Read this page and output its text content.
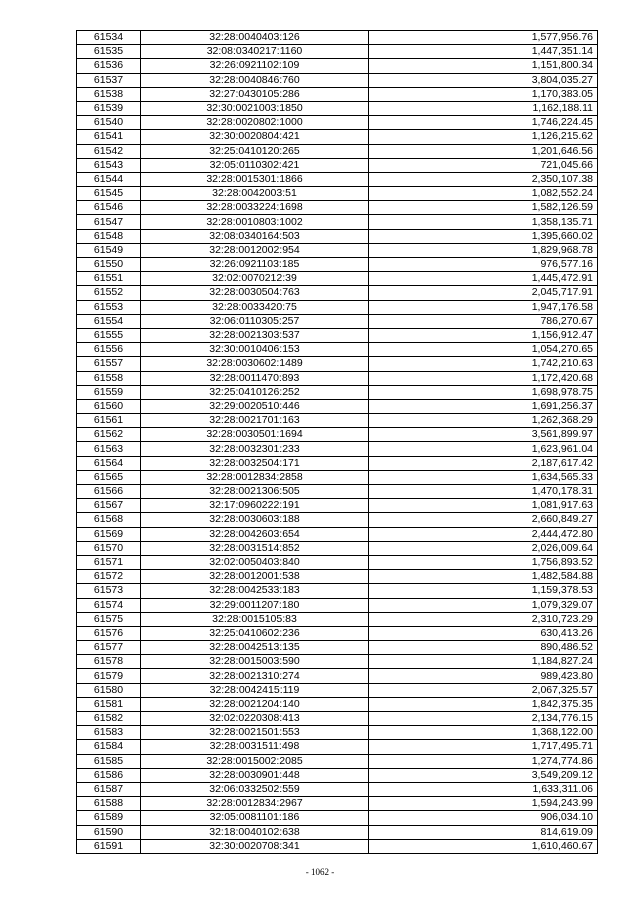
61534	32:28:0040403:126	1,577,956.76
61535	32:08:0340217:1160	1,447,351.14
61536	32:26:0921102:109	1,151,800.34
61537	32:28:0040846:760	3,804,035.27
61538	32:27:0430105:286	1,170,383.05
61539	32:30:0021003:1850	1,162,188.11
61540	32:28:0020802:1000	1,746,224.45
61541	32:30:0020804:421	1,126,215.62
61542	32:25:0410120:265	1,201,646.56
61543	32:05:0110302:421	721,045.66
61544	32:28:0015301:1866	2,350,107.38
61545	32:28:0042003:51	1,082,552.24
61546	32:28:0033224:1698	1,582,126.59
61547	32:28:0010803:1002	1,358,135.71
61548	32:08:0340164:503	1,395,660.02
61549	32:28:0012002:954	1,829,968.78
61550	32:26:0921103:185	976,577.16
61551	32:02:0070212:39	1,445,472.91
61552	32:28:0030504:763	2,045,717.91
61553	32:28:0033420:75	1,947,176.58
61554	32:06:0110305:257	786,270.67
61555	32:28:0021303:537	1,156,912.47
61556	32:30:0010406:153	1,054,270.65
61557	32:28:0030602:1489	1,742,210.63
61558	32:28:0011470:893	1,172,420.68
61559	32:25:0410126:252	1,698,978.75
61560	32:29:0020510:446	1,691,256.37
61561	32:28:0021701:163	1,262,368.29
61562	32:28:0030501:1694	3,561,899.97
61563	32:28:0032301:233	1,623,961.04
61564	32:28:0032504:171	2,187,617.42
61565	32:28:0012834:2858	1,634,565.33
61566	32:28:0021306:505	1,470,178.31
61567	32:17:0960222:191	1,081,917.63
61568	32:28:0030603:188	2,660,849.27
61569	32:28:0042603:654	2,444,472.80
61570	32:28:0031514:852	2,026,009.64
61571	32:02:0050403:840	1,756,893.52
61572	32:28:0012001:538	1,482,584.88
61573	32:28:0042533:183	1,159,378.53
61574	32:29:0011207:180	1,079,329.07
61575	32:28:0015105:83	2,310,723.29
61576	32:25:0410602:236	630,413.26
61577	32:28:0042513:135	890,486.52
61578	32:28:0015003:590	1,184,827.24
61579	32:28:0021310:274	989,423.80
61580	32:28:0042415:119	2,067,325.57
61581	32:28:0021204:140	1,842,375.35
61582	32:02:0220308:413	2,134,776.15
61583	32:28:0021501:553	1,368,122.00
61584	32:28:0031511:498	1,717,495.71
61585	32:28:0015002:2085	1,274,774.86
61586	32:28:0030901:448	3,549,209.12
61587	32:06:0332502:559	1,633,311.06
61588	32:28:0012834:2967	1,594,243.99
61589	32:05:0081101:186	906,034.10
61590	32:18:0040102:638	814,619.09
61591	32:30:0020708:341	1,610,460.67
- 1062 -
